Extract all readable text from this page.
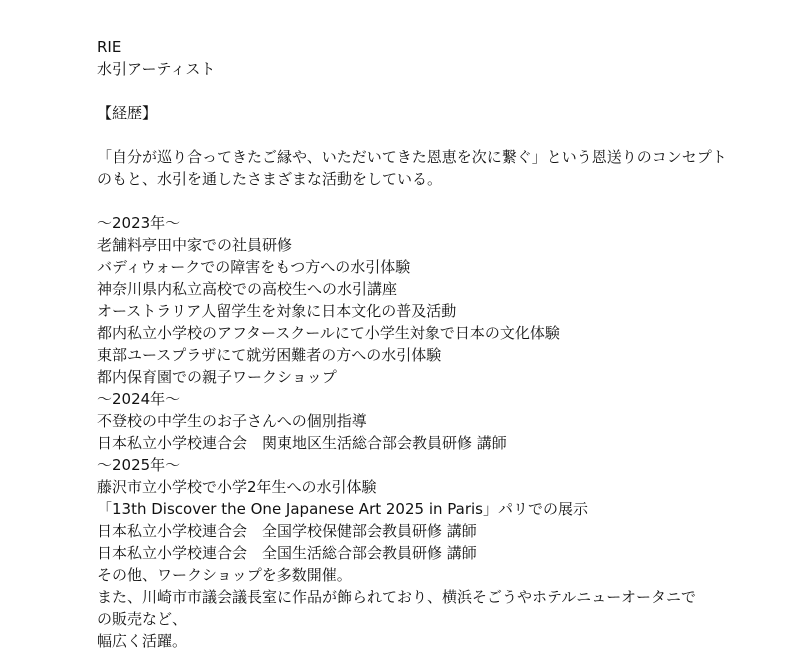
RIE
水引アーティスト
【経歴】
「自分が巡り合ってきたご縁や、いただいてきた恩恵を次に繋ぐ」という恩送りのコンセプト
のもと、水引を通したさまざまな活動をしている。
～2023年～
老舗料亭田中家での社員研修
バディウォークでの障害をもつ方への水引体験
神奈川県内私立高校での高校生への水引講座
オーストラリア人留学生を対象に日本文化の普及活動
都内私立小学校のアフタースクールにて小学生対象で日本の文化体験
東部ユースプラザにて就労困難者の方への水引体験
都内保育園での親子ワークショップ
～2024年～
不登校の中学生のお子さんへの個別指導
日本私立小学校連合会　関東地区生活総合部会教員研修 講師
～2025年～
藤沢市立小学校で小学2年生への水引体験
「13th Discover the One Japanese Art 2025 in Paris」パリでの展示
日本私立小学校連合会　全国学校保健部会教員研修 講師
日本私立小学校連合会　全国生活総合部会教員研修 講師
その他、ワークショップを多数開催。
また、川崎市市議会議長室に作品が飾られており、横浜そごうやホテルニューオータニで
の販売など、
幅広く活躍。
